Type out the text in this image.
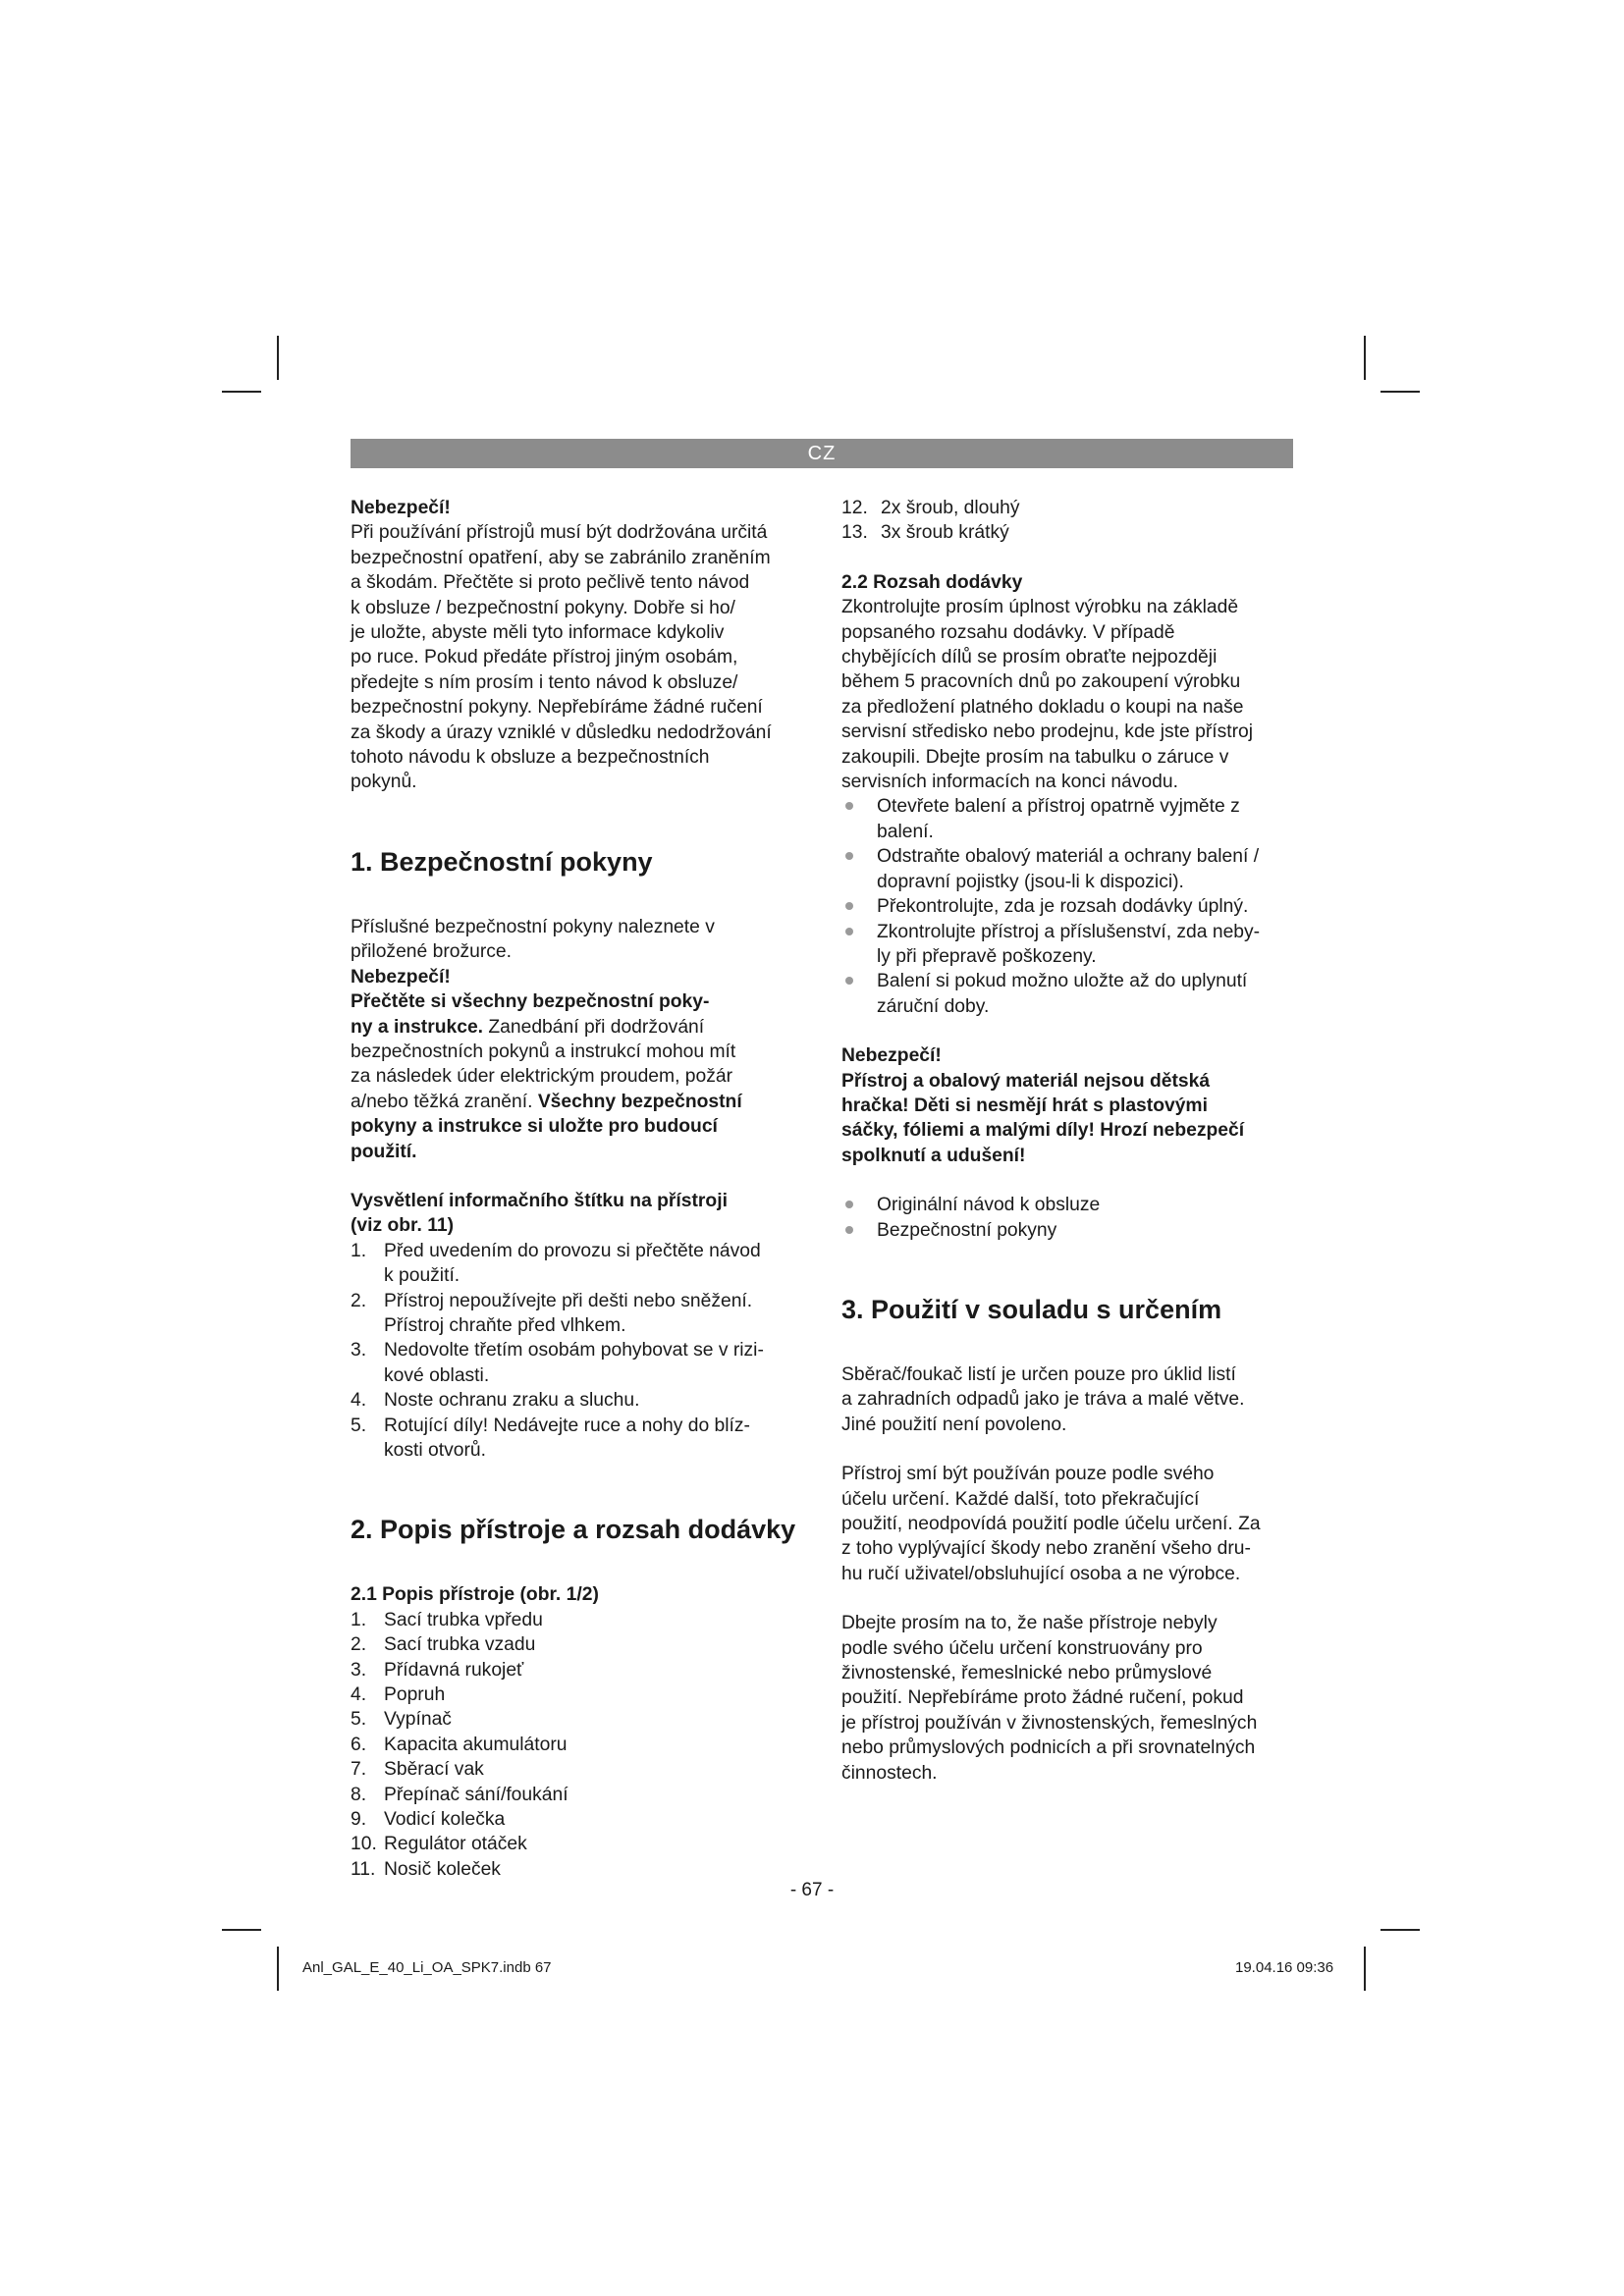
CZ

Nebezpečí!

Při používání přístrojů musí být dodržována určitá

bezpečnostní opatření, aby se zabránilo zraněním

a škodám. Přečtěte si proto pečlivě tento návod

k obsluze / bezpečnostní pokyny. Dobře si ho/

je uložte, abyste měli tyto informace kdykoliv

po ruce. Pokud předáte přístroj jiným osobám,

předejte s ním prosím i tento návod k obsluze/

bezpečnostní pokyny. Nepřebíráme žádné ručení

za škody a úrazy vzniklé v důsledku nedodržování

tohoto návodu k obsluze a bezpečnostních

pokynů.

1. Bezpečnostní pokyny

Příslušné bezpečnostní pokyny naleznete v

přiložené brožurce.

Nebezpečí!

Přečtěte si všechny bezpečnostní poky-

ny a instrukce. Zanedbání při dodržování

bezpečnostních pokynů a instrukcí mohou mít

za následek úder elektrickým proudem, požár

a/nebo těžká zranění. Všechny bezpečnostní

pokyny a instrukce si uložte pro budoucí

použití.

Vysvětlení informačního štítku na přístroji

(viz obr. 11)

1. Před uvedením do provozu si přečtěte návod
k použití.
2. Přístroj nepoužívejte při dešti nebo sněžení.
Přístroj chraňte před vlhkem.
3. Nedovolte třetím osobám pohybovat se v rizi-
kové oblasti.
4. Noste ochranu zraku a sluchu.
5. Rotující díly! Nedávejte ruce a nohy do blíz-
kosti otvorů.

2. Popis přístroje a rozsah dodávky

2.1 Popis přístroje (obr. 1/2)

1. Sací trubka vpředu
2. Sací trubka vzadu
3. Přídavná rukojeť
4. Popruh
5. Vypínač
6. Kapacita akumulátoru
7. Sběrací vak
8. Přepínač sání/foukání
9. Vodicí kolečka
10. Regulátor otáček
11. Nosič koleček
12. 2x šroub, dlouhý
13. 3x šroub krátký

2.2 Rozsah dodávky

Zkontrolujte prosím úplnost výrobku na základě

popsaného rozsahu dodávky. V případě

chybějících dílů se prosím obraťte nejpozději

během 5 pracovních dnů po zakoupení výrobku

za předložení platného dokladu o koupi na naše

servisní středisko nebo prodejnu, kde jste přístroj

zakoupili. Dbejte prosím na tabulku o záruce v

servisních informacích na konci návodu.

Otevřete balení a přístroj opatrně vyjměte z
balení.
Odstraňte obalový materiál a ochrany balení /
dopravní pojistky (jsou-li k dispozici).
Překontrolujte, zda je rozsah dodávky úplný.
Zkontrolujte přístroj a příslušenství, zda neby-
ly při přepravě poškozeny.
Balení si pokud možno uložte až do uplynutí
záruční doby.

Nebezpečí!

Přístroj a obalový materiál nejsou dětská

hračka! Děti si nesmějí hrát s plastovými

sáčky, fóliemi a malými díly! Hrozí nebezpečí

spolknutí a udušení!

Originální návod k obsluze
Bezpečnostní pokyny

3. Použití v souladu s určením

Sběrač/foukač listí je určen pouze pro úklid listí

a zahradních odpadů jako je tráva a malé větve.

Jiné použití není povoleno.

Přístroj smí být používán pouze podle svého

účelu určení. Každé další, toto překračující

použití, neodpovídá použití podle účelu určení. Za

z toho vyplývající škody nebo zranění všeho dru-

hu ručí uživatel/obsluhující osoba a ne výrobce.

Dbejte prosím na to, že naše přístroje nebyly

podle svého účelu určení konstruovány pro

živnostenské, řemeslnické nebo průmyslové

použití. Nepřebíráme proto žádné ručení, pokud

je přístroj používán v živnostenských, řemeslných

nebo průmyslových podnicích a při srovnatelných

činnostech.

- 67 -
Anl_GAL_E_40_Li_OA_SPK7.indb 67	19.04.16 09:36
